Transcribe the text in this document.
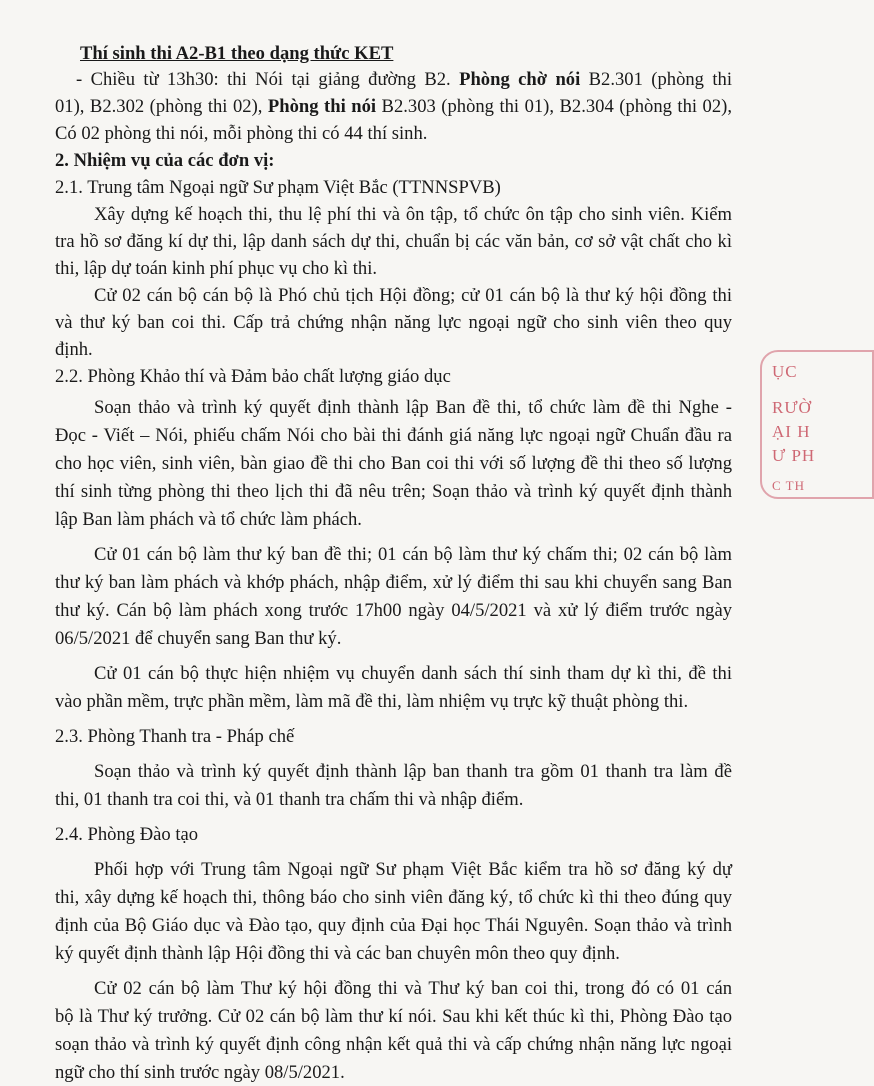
Thí sinh thi A2-B1 theo dạng thức KET
- Chiều từ 13h30: thi Nói tại giảng đường B2. Phòng chờ nói B2.301 (phòng thi
01), B2.302 (phòng thi 02), Phòng thi nói B2.303 (phòng thi 01), B2.304 (phòng thi 02),
Có 02 phòng thi nói, mỗi phòng thi có 44 thí sinh.
2. Nhiệm vụ của các đơn vị:
2.1. Trung tâm Ngoại ngữ Sư phạm Việt Bắc (TTNNSPVB)
Xây dựng kế hoạch thi, thu lệ phí thi và ôn tập, tổ chức ôn tập cho sinh viên. Kiểm
tra hồ sơ đăng kí dự thi, lập danh sách dự thi, chuẩn bị các văn bản, cơ sở vật chất cho kì
thi, lập dự toán kinh phí phục vụ cho kì thi.
Cử 02 cán bộ cán bộ là Phó chủ tịch Hội đồng; cử 01 cán bộ là thư ký hội đồng thi
và thư ký ban coi thi. Cấp trả chứng nhận năng lực ngoại ngữ cho sinh viên theo quy
định.
2.2. Phòng Khảo thí và Đảm bảo chất lượng giáo dục
Soạn thảo và trình ký quyết định thành lập Ban đề thi, tổ chức làm đề thi Nghe -
Đọc - Viết – Nói, phiếu chấm Nói cho bài thi đánh giá năng lực ngoại ngữ Chuẩn đầu ra
cho học viên, sinh viên, bàn giao đề thi cho Ban coi thi với số lượng đề thi theo số lượng
thí sinh từng phòng thi theo lịch thi đã nêu trên; Soạn thảo và trình ký quyết định thành
lập Ban làm phách và tổ chức làm phách.
Cử 01 cán bộ làm thư ký ban đề thi; 01 cán bộ làm thư ký chấm thi; 02 cán bộ làm
thư ký ban làm phách và khớp phách, nhập điểm, xử lý điểm thi sau khi chuyển sang Ban
thư ký. Cán bộ làm phách xong trước 17h00 ngày 04/5/2021 và xử lý điểm trước ngày
06/5/2021 để chuyển sang Ban thư ký.
Cử 01 cán bộ thực hiện nhiệm vụ chuyển danh sách thí sinh tham dự kì thi, đề thi
vào phần mềm, trực phần mềm, làm mã đề thi, làm nhiệm vụ trực kỹ thuật phòng thi.
2.3. Phòng Thanh tra - Pháp chế
Soạn thảo và trình ký quyết định thành lập ban thanh tra gồm 01 thanh tra làm đề
thi, 01 thanh tra coi thi, và 01 thanh tra chấm thi và nhập điểm.
2.4. Phòng Đào tạo
Phối hợp với Trung tâm Ngoại ngữ Sư phạm Việt Bắc kiểm tra hồ sơ đăng ký dự
thi, xây dựng kế hoạch thi, thông báo cho sinh viên đăng ký, tổ chức kì thi theo đúng quy
định của Bộ Giáo dục và Đào tạo, quy định của Đại học Thái Nguyên. Soạn thảo và trình
ký quyết định thành lập Hội đồng thi và các ban chuyên môn theo quy định.
Cử 02 cán bộ làm Thư ký hội đồng thi và Thư ký ban coi thi, trong đó có 01 cán
bộ là Thư ký trưởng. Cử 02 cán bộ làm thư kí nói. Sau khi kết thúc kì thi, Phòng Đào tạo
soạn thảo và trình ký quyết định công nhận kết quả thi và cấp chứng nhận năng lực ngoại
ngữ cho thí sinh trước ngày 08/5/2021.
ỤC
RƯỜ
ẠI H
Ư PH
C TH
